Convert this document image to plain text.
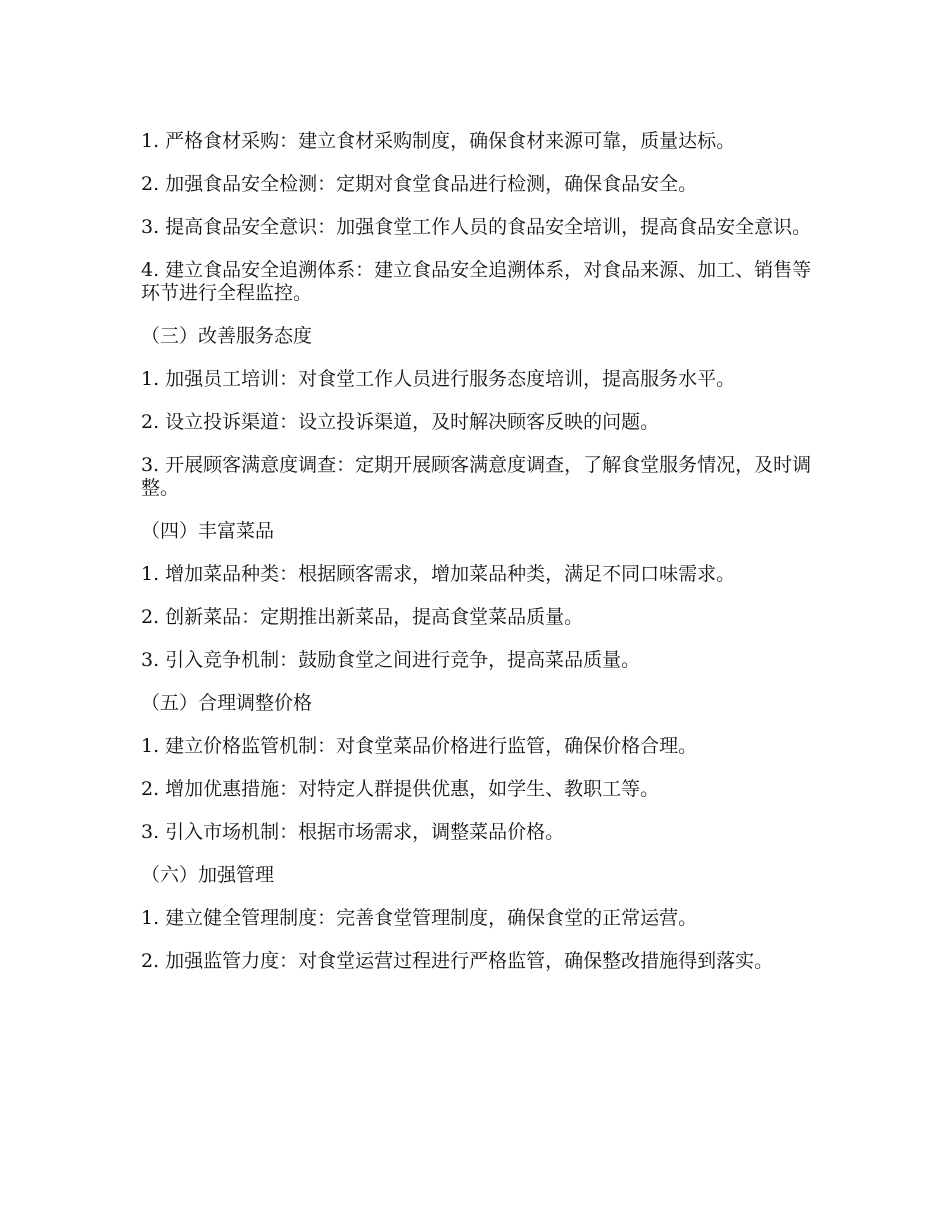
1. 严格食材采购：建立食材采购制度，确保食材来源可靠，质量达标。

2. 加强食品安全检测：定期对食堂食品进行检测，确保食品安全。

3. 提高食品安全意识：加强食堂工作人员的食品安全培训，提高食品安全意识。

4. 建立食品安全追溯体系：建立食品安全追溯体系，对食品来源、加工、销售等环节进行全程监控。

（三）改善服务态度

1. 加强员工培训：对食堂工作人员进行服务态度培训，提高服务水平。

2. 设立投诉渠道：设立投诉渠道，及时解决顾客反映的问题。

3. 开展顾客满意度调查：定期开展顾客满意度调查，了解食堂服务情况，及时调整。

（四）丰富菜品

1. 增加菜品种类：根据顾客需求，增加菜品种类，满足不同口味需求。

2. 创新菜品：定期推出新菜品，提高食堂菜品质量。

3. 引入竞争机制：鼓励食堂之间进行竞争，提高菜品质量。

（五）合理调整价格

1. 建立价格监管机制：对食堂菜品价格进行监管，确保价格合理。

2. 增加优惠措施：对特定人群提供优惠，如学生、教职工等。

3. 引入市场机制：根据市场需求，调整菜品价格。

（六）加强管理

1. 建立健全管理制度：完善食堂管理制度，确保食堂的正常运营。

2. 加强监管力度：对食堂运营过程进行严格监管，确保整改措施得到落实。
